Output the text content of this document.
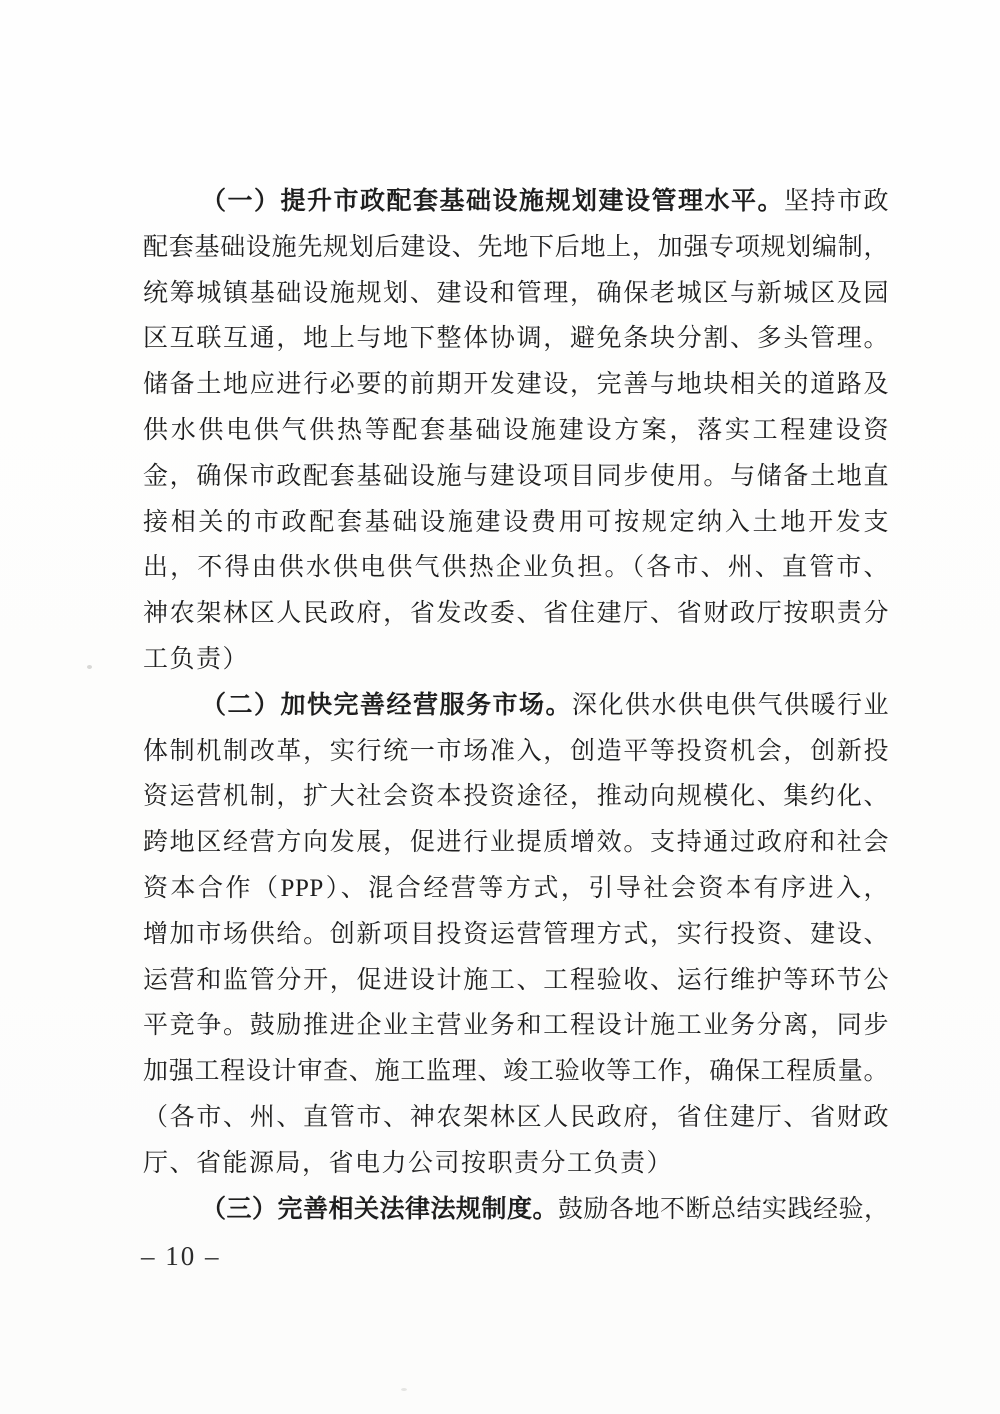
（一）提升市政配套基础设施规划建设管理水平。坚持市政
配套基础设施先规划后建设、先地下后地上，加强专项规划编制，
统筹城镇基础设施规划、建设和管理，确保老城区与新城区及园
区互联互通，地上与地下整体协调，避免条块分割、多头管理。
储备土地应进行必要的前期开发建设，完善与地块相关的道路及
供水供电供气供热等配套基础设施建设方案，落实工程建设资
金，确保市政配套基础设施与建设项目同步使用。与储备土地直
接相关的市政配套基础设施建设费用可按规定纳入土地开发支
出，不得由供水供电供气供热企业负担。（各市、州、直管市、
神农架林区人民政府，省发改委、省住建厅、省财政厅按职责分
工负责）
（二）加快完善经营服务市场。深化供水供电供气供暖行业
体制机制改革，实行统一市场准入，创造平等投资机会，创新投
资运营机制，扩大社会资本投资途径，推动向规模化、集约化、
跨地区经营方向发展，促进行业提质增效。支持通过政府和社会
资本合作（PPP）、混合经营等方式，引导社会资本有序进入，
增加市场供给。创新项目投资运营管理方式，实行投资、建设、
运营和监管分开，促进设计施工、工程验收、运行维护等环节公
平竞争。鼓励推进企业主营业务和工程设计施工业务分离，同步
加强工程设计审查、施工监理、竣工验收等工作，确保工程质量。
（各市、州、直管市、神农架林区人民政府，省住建厅、省财政
厅、省能源局，省电力公司按职责分工负责）
（三）完善相关法律法规制度。鼓励各地不断总结实践经验，
– 10 –
